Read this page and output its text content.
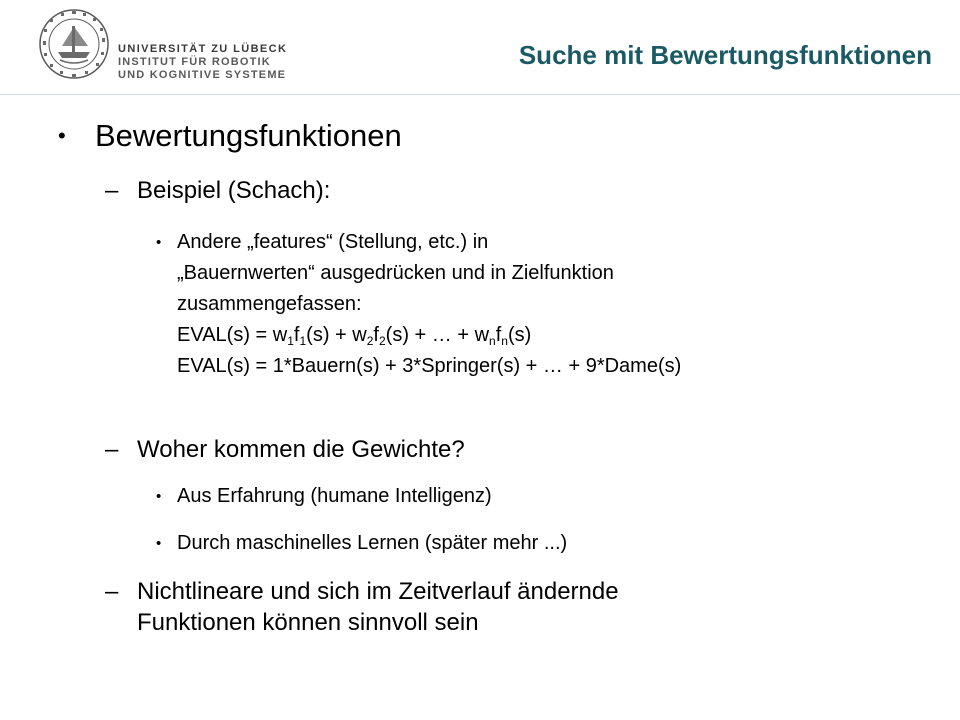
UNIVERSITÄT ZU LÜBECK
INSTITUT FÜR ROBOTIK
UND KOGNITIVE SYSTEME
Suche mit Bewertungsfunktionen
• Bewertungsfunktionen
– Beispiel (Schach):
• Andere „features“ (Stellung, etc.) in
„Bauernwerten“ ausgedrücken und in Zielfunktion
zusammengefassen:
EVAL(s) = $w_1f_1(s) + w_2f_2(s)$ + … + $w_nf_n(s)$
EVAL(s) = 1*Bauern(s) + 3*Springer(s) + … + 9*Dame(s)
– Woher kommen die Gewichte?
• Aus Erfahrung (humane Intelligenz)
• Durch maschinelles Lernen (später mehr ...)
– Nichtlineare und sich im Zeitverlauf ändernde
Funktionen können sinnvoll sein
